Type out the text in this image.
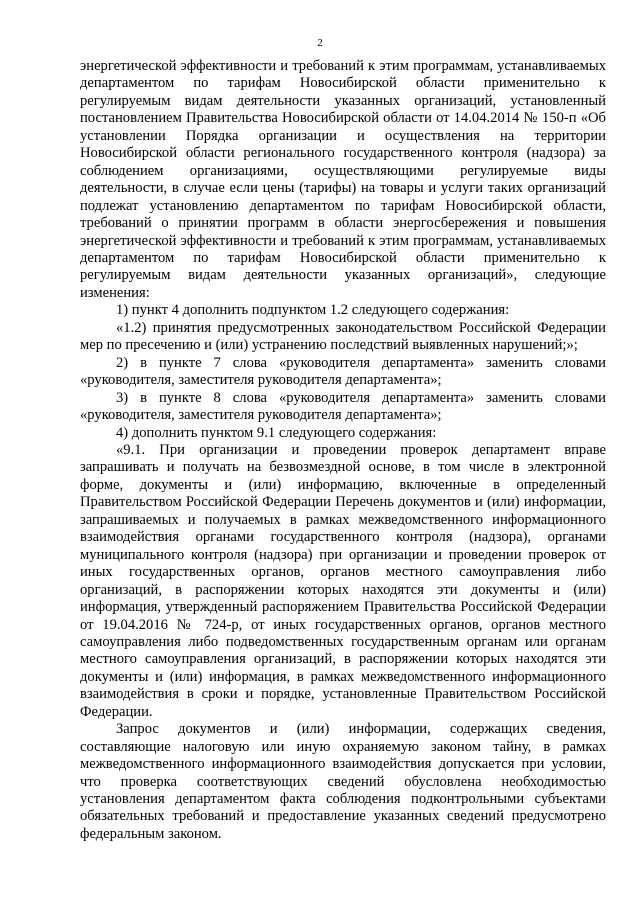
2

энергетической эффективности и требований к этим программам, устанавливаемых департаментом по тарифам Новосибирской области применительно к регулируемым видам деятельности указанных организаций, установленный постановлением Правительства Новосибирской области от 14.04.2014 № 150-п «Об установлении Порядка организации и осуществления на территории Новосибирской области регионального государственного контроля (надзора) за соблюдением организациями, осуществляющими регулируемые виды деятельности, в случае если цены (тарифы) на товары и услуги таких организаций подлежат установлению департаментом по тарифам Новосибирской области, требований о принятии программ в области энергосбережения и повышения энергетической эффективности и требований к этим программам, устанавливаемых департаментом по тарифам Новосибирской области применительно к регулируемым видам деятельности указанных организаций», следующие изменения:

1) пункт 4 дополнить подпунктом 1.2 следующего содержания:

«1.2) принятия предусмотренных законодательством Российской Федерации мер по пресечению и (или) устранению последствий выявленных нарушений;»;

2) в пункте 7 слова «руководителя департамента» заменить словами «руководителя, заместителя руководителя департамента»;

3) в пункте 8 слова «руководителя департамента» заменить словами «руководителя, заместителя руководителя департамента»;

4) дополнить пунктом 9.1 следующего содержания:

«9.1. При организации и проведении проверок департамент вправе запрашивать и получать на безвозмездной основе, в том числе в электронной форме, документы и (или) информацию, включенные в определенный Правительством Российской Федерации Перечень документов и (или) информации, запрашиваемых и получаемых в рамках межведомственного информационного взаимодействия органами государственного контроля (надзора), органами муниципального контроля (надзора) при организации и проведении проверок от иных государственных органов, органов местного самоуправления либо организаций, в распоряжении которых находятся эти документы и (или) информация, утвержденный распоряжением Правительства Российской Федерации от 19.04.2016 № 724-р, от иных государственных органов, органов местного самоуправления либо подведомственных государственным органам или органам местного самоуправления организаций, в распоряжении которых находятся эти документы и (или) информация, в рамках межведомственного информационного взаимодействия в сроки и порядке, установленные Правительством Российской Федерации.

Запрос документов и (или) информации, содержащих сведения, составляющие налоговую или иную охраняемую законом тайну, в рамках межведомственного информационного взаимодействия допускается при условии, что проверка соответствующих сведений обусловлена необходимостью установления департаментом факта соблюдения подконтрольными субъектами обязательных требований и предоставление указанных сведений предусмотрено федеральным законом.
